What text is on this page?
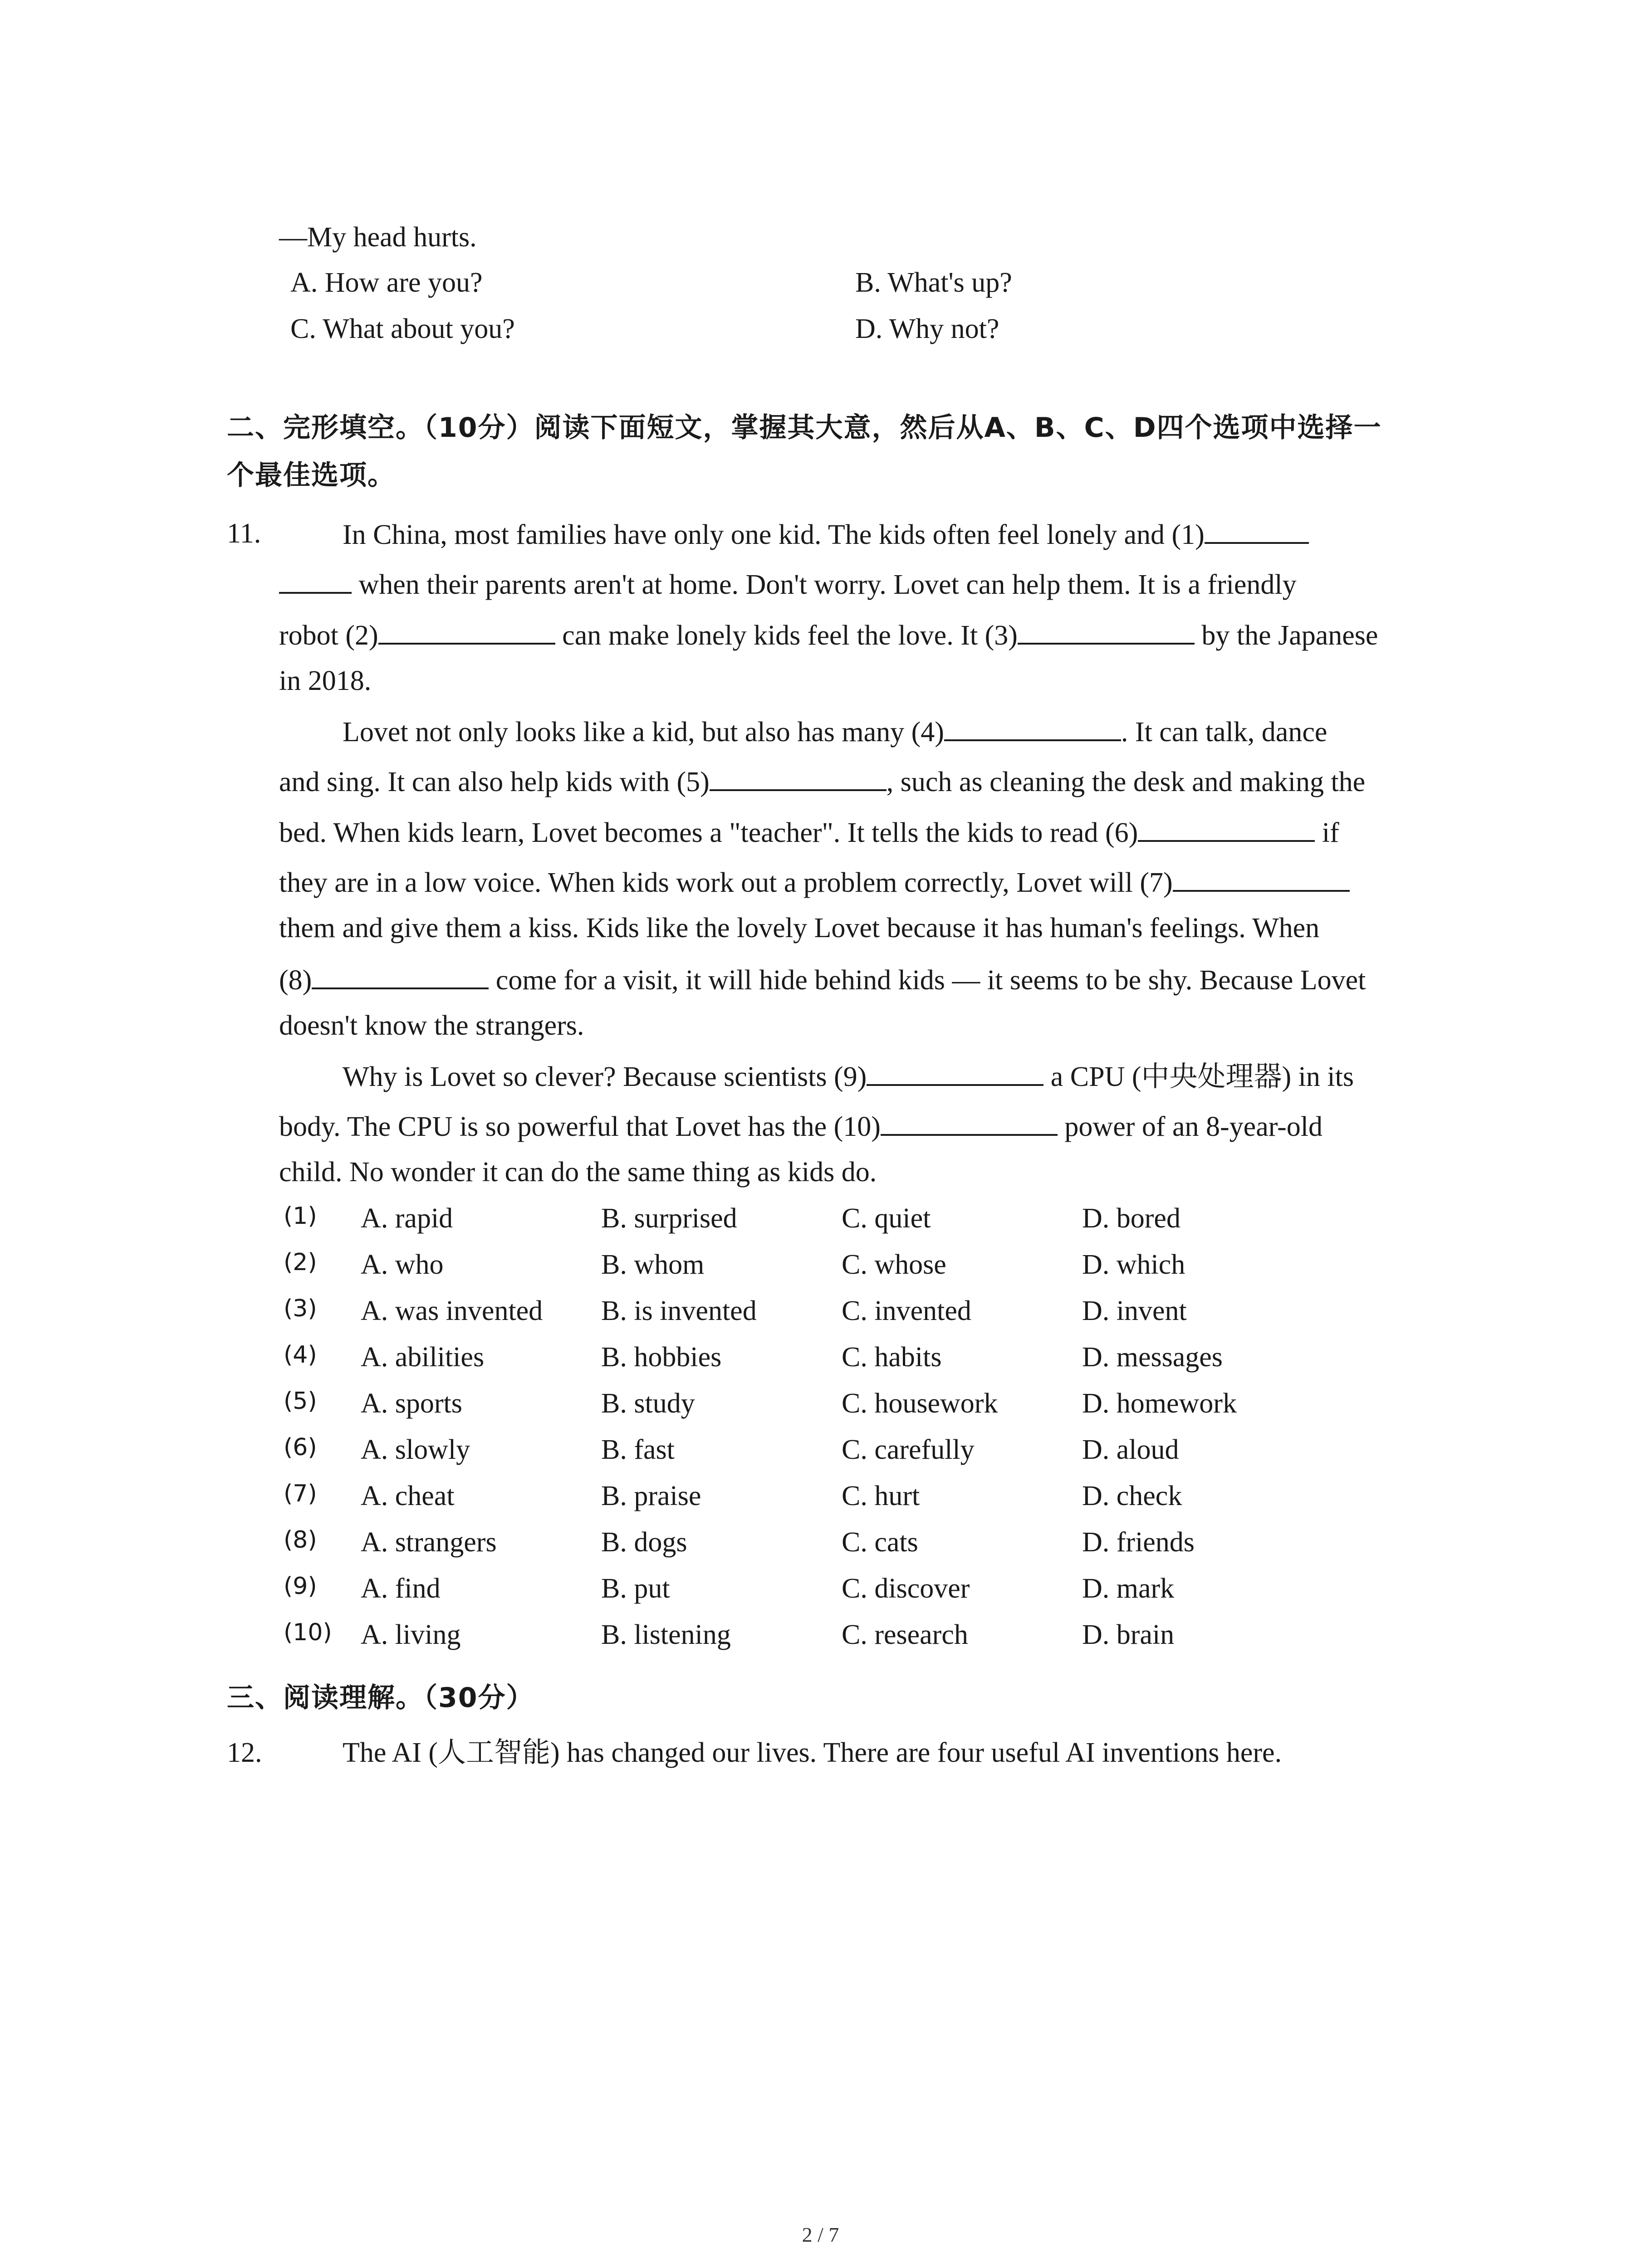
—My head hurts.
A. How are you?	B. What's up?
C. What about you?	D. Why not?
二、完形填空。（10分）阅读下面短文，掌握其大意，然后从A、B、C、D四个选项中选择一
个最佳选项。
11.	In China, most families have only one kid. The kids often feel lonely and (1)
when their parents aren't at home. Don't worry. Lovet can help them. It is a friendly
robot (2)	can make lonely kids feel the love. It (3)	by the Japanese
in 2018.
Lovet not only looks like a kid, but also has many (4)	. It can talk, dance
and sing. It can also help kids with (5)	, such as cleaning the desk and making the
bed. When kids learn, Lovet becomes a "teacher". It tells the kids to read (6)	if
they are in a low voice. When kids work out a problem correctly, Lovet will (7)
them and give them a kiss. Kids like the lovely Lovet because it has human's feelings. When
(8)	come for a visit, it will hide behind kids — it seems to be shy. Because Lovet
doesn't know the strangers.
Why is Lovet so clever? Because scientists (9)	a CPU (中央处理器) in its
body. The CPU is so powerful that Lovet has the (10)	power of an 8-year-old
child. No wonder it can do the same thing as kids do.
(1) A. rapid	B. surprised	C. quiet	D. bored
(2) A. who	B. whom	C. whose	D. which
(3) A. was invented B. is invented	C. invented	D. invent
(4) A. abilities	B. hobbies	C. habits	D. messages
(5) A. sports	B. study	C. housework	D. homework
(6) A. slowly	B. fast	C. carefully	D. aloud
(7) A. cheat	B. praise	C. hurt	D. check
(8) A. strangers	B. dogs	C. cats	D. friends
(9) A. find	B. put	C. discover	D. mark
(10) A. living	B. listening	C. research	D. brain
三、阅读理解。（30分）
12.	The AI (人工智能) has changed our lives. There are four useful AI inventions here.
2 / 7
